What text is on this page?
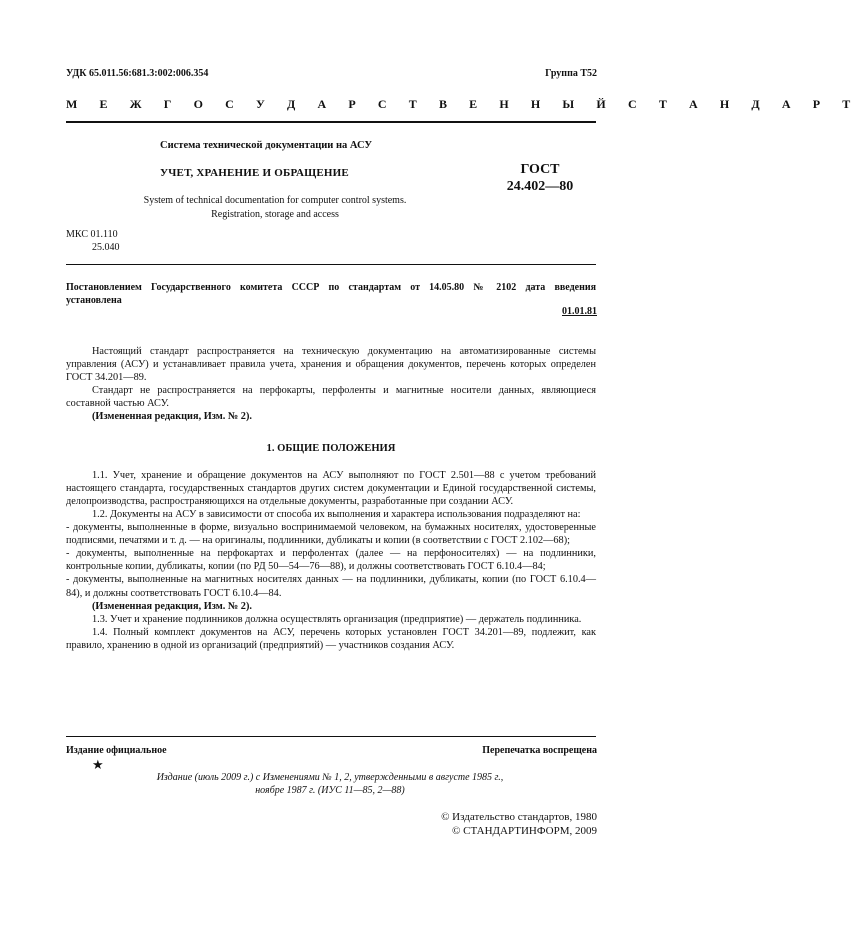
УДК 65.011.56:681.3:002:006.354	Группа Т52
М Е Ж Г О С У Д А Р С Т В Е Н Н Ы Й С Т А Н Д А Р Т
Система технической документации на АСУ
УЧЕТ, ХРАНЕНИЕ И ОБРАЩЕНИЕ	ГОСТ
24.402—80
System of technical documentation for computer control systems.
Registration, storage and access
МКС 01.110
25.040
Постановлением Государственного комитета СССР по стандартам от 14.05.80 № 2102 дата введения установлена
01.01.81

Настоящий стандарт распространяется на техническую документацию на автоматизированные системы управления (АСУ) и устанавливает правила учета, хранения и обращения документов, перечень которых определен ГОСТ 34.201—89.

Стандарт не распространяется на перфокарты, перфоленты и магнитные носители данных, являющиеся составной частью АСУ.

(Измененная редакция, Изм. № 2).

1. ОБЩИЕ ПОЛОЖЕНИЯ

1.1. Учет, хранение и обращение документов на АСУ выполняют по ГОСТ 2.501—88 с учетом требований настоящего стандарта, государственных стандартов других систем документации и Единой государственной системы, делопроизводства, распространяющихся на отдельные документы, разработанные при создании АСУ.

1.2. Документы на АСУ в зависимости от способа их выполнения и характера использования подразделяют на:

- документы, выполненные в форме, визуально воспринимаемой человеком, на бумажных носителях, удостоверенные подписями, печатями и т. д. — на оригиналы, подлинники, дубликаты и копии (в соответствии с ГОСТ 2.102—68);

- документы, выполненные на перфокартах и перфолентах (далее — на перфоносителях) — на подлинники, контрольные копии, дубликаты, копии (по РД 50—54—76—88), и должны соответствовать ГОСТ 6.10.4—84;

- документы, выполненные на магнитных носителях данных — на подлинники, дубликаты, копии (по ГОСТ 6.10.4—84), и должны соответствовать ГОСТ 6.10.4—84.

(Измененная редакция, Изм. № 2).

1.3. Учет и хранение подлинников должна осуществлять организация (предприятие) — держатель подлинника.

1.4. Полный комплект документов на АСУ, перечень которых установлен ГОСТ 34.201—89, подлежит, как правило, хранению в одной из организаций (предприятий) — участников создания АСУ.

Издание официальное	Перепечатка воспрещена
★
Издание (июль 2009 г.) с Изменениями № 1, 2, утвержденными в августе 1985 г.,
ноябре 1987 г. (ИУС 11—85, 2—88)
© Издательство стандартов, 1980
© СТАНДАРТИНФОРМ, 2009
